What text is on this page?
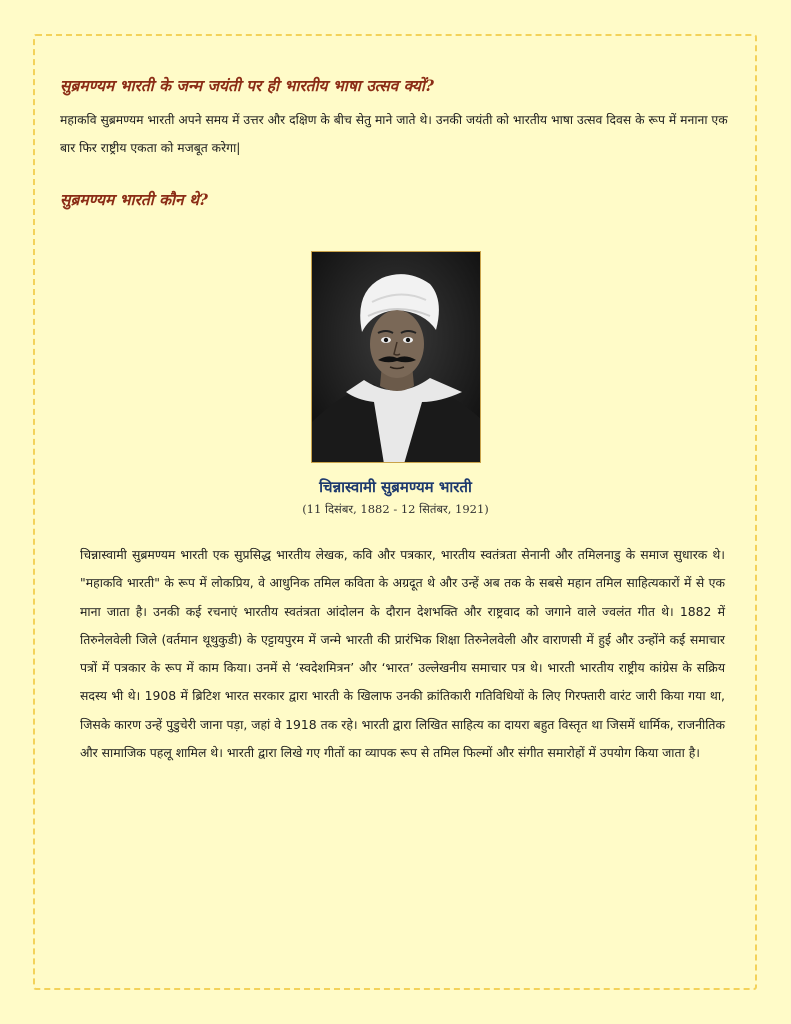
सुब्रमण्यम भारती के जन्म जयंती पर ही भारतीय भाषा उत्सव क्यों?

महाकवि सुब्रमण्यम भारती अपने समय में उत्तर और दक्षिण के बीच सेतु माने जाते थे। उनकी जयंती को भारतीय भाषा उत्सव दिवस के रूप में मनाना एक बार फिर राष्ट्रीय एकता को मजबूत करेगा|

सुब्रमण्यम भारती कौन थे?

चिन्नास्वामी सुब्रमण्यम भारती

(11 दिसंबर, 1882 - 12 सितंबर, 1921)

चिन्नास्वामी सुब्रमण्यम भारती एक सुप्रसिद्ध भारतीय लेखक, कवि और पत्रकार, भारतीय स्वतंत्रता सेनानी और तमिलनाडु के समाज सुधारक थे। "महाकवि भारती" के रूप में लोकप्रिय, वे आधुनिक तमिल कविता के अग्रदूत थे और उन्हें अब तक के सबसे महान तमिल साहित्यकारों में से एक माना जाता है। उनकी कई रचनाएं भारतीय स्वतंत्रता आंदोलन के दौरान देशभक्ति और राष्ट्रवाद को जगाने वाले ज्वलंत गीत थे। 1882 में तिरुनेलवेली जिले (वर्तमान थूथुकुडी) के एट्टायपुरम में जन्मे भारती की प्रारंभिक शिक्षा तिरुनेलवेली और वाराणसी में हुई और उन्होंने कई समाचार पत्रों में पत्रकार के रूप में काम किया। उनमें से ‘स्वदेशमित्रन’ और ‘भारत’ उल्लेखनीय समाचार पत्र थे। भारती भारतीय राष्ट्रीय कांग्रेस के सक्रिय सदस्य भी थे। 1908 में ब्रिटिश भारत सरकार द्वारा भारती के खिलाफ उनकी क्रांतिकारी गतिविधियों के लिए गिरफ्तारी वारंट जारी किया गया था, जिसके कारण उन्हें पुडुचेरी जाना पड़ा, जहां वे 1918 तक रहे। भारती द्वारा लिखित साहित्य का दायरा बहुत विस्तृत था जिसमें धार्मिक, राजनीतिक और सामाजिक पहलू शामिल थे। भारती द्वारा लिखे गए गीतों का व्यापक रूप से तमिल फिल्मों और संगीत समारोहों में उपयोग किया जाता है।
